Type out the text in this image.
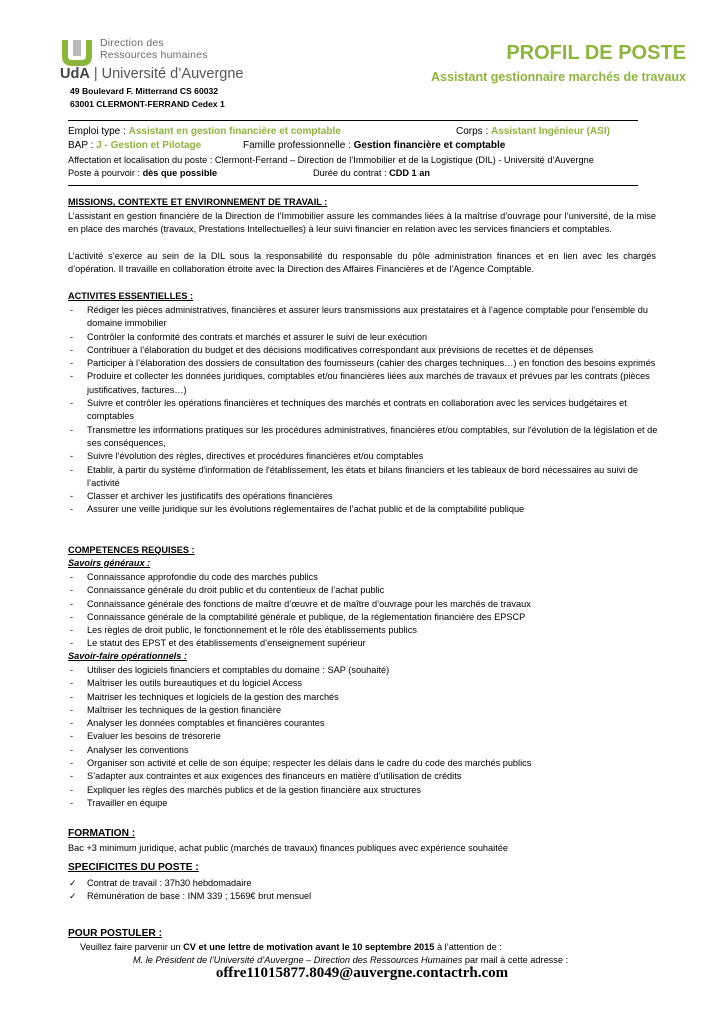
Direction des
Ressources humaines
UdA | Université d’Auvergne
49 Boulevard F. Mitterrand CS 60032
63001 CLERMONT-FERRAND Cedex 1
PROFIL DE POSTE
Assistant gestionnaire marchés de travaux
Emploi type : Assistant en gestion financière et comptable	Corps : Assistant Ingénieur (ASI)
BAP : J - Gestion et Pilotage	Famille professionnelle : Gestion financière et comptable
Affectation et localisation du poste : Clermont-Ferrand – Direction de l’Immobilier et de la Logistique (DIL) - Université d’Auvergne
Poste à pourvoir : dès que possible	Durée du contrat : CDD 1 an
MISSIONS, CONTEXTE ET ENVIRONNEMENT DE TRAVAIL :
L’assistant en gestion financière de la Direction de l’Immobilier assure les commandes liées à la maîtrise d’ouvrage pour l’université, de la mise en place des marchés (travaux, Prestations Intellectuelles) à leur suivi financier en relation avec les services financiers et comptables.
L’activité s’exerce au sein de la DIL sous la responsabilité du responsable du pôle administration finances et en lien avec les chargés d’opération. Il travaille en collaboration étroite avec la Direction des Affaires Financières et de l’Agence Comptable.
ACTIVITES ESSENTIELLES :
- Rédiger les pièces administratives, financières et assurer leurs transmissions aux prestataires et à l’agence comptable pour l'ensemble du domaine immobilier
- Contrôler la conformité des contrats et marchés et assurer le suivi de leur exécution
- Contribuer à l’élaboration du budget et des décisions modificatives correspondant aux prévisions de recettes et de dépenses
- Participer à l’élaboration des dossiers de consultation des fournisseurs (cahier des charges techniques…) en fonction des besoins exprimés
- Produire et collecter les données juridiques, comptables et/ou financières liées aux marchés de travaux et prévues par les contrats (pièces justificatives, factures…)
- Suivre et contrôler les opérations financières et techniques des marchés et contrats en collaboration avec les services budgétaires et comptables
- Transmettre les informations pratiques sur les procédures administratives, financières et/ou comptables, sur l'évolution de la législation et de ses conséquences,
- Suivre l'évolution des règles, directives et procédures financières et/ou comptables
- Etablir, à partir du système d'information de l'établissement, les états et bilans financiers et les tableaux de bord nécessaires au suivi de l’activité
- Classer et archiver les justificatifs des opérations financières
- Assurer une veille juridique sur les évolutions réglementaires de l’achat public et de la comptabilité publique
COMPETENCES REQUISES :
Savoirs généraux :
- Connaissance approfondie du code des marchés publics
- Connaissance générale du droit public et du contentieux de l’achat public
- Connaissance générale des fonctions de maître d’œuvre et de maître d’ouvrage pour les marchés de travaux
- Connaissance générale de la comptabilité générale et publique, de la réglementation financière des EPSCP
- Les règles de droit public, le fonctionnement et le rôle des établissements publics
- Le statut des EPST et des établissements d’enseignement supérieur
Savoir-faire opérationnels :
- Utiliser des logiciels financiers et comptables du domaine : SAP (souhaité)
- Maîtriser les outils bureautiques et du logiciel Access
- Maitriser les techniques et logiciels de la gestion des marchés
- Maîtriser les techniques de la gestion financière
- Analyser les données comptables et financières courantes
- Evaluer les besoins de trésorerie
- Analyser les conventions
- Organiser son activité et celle de son équipe; respecter les délais dans le cadre du code des marchés publics
- S’adapter aux contraintes et aux exigences des financeurs en matière d’utilisation de crédits
- Expliquer les règles des marchés publics et de la gestion financière aux structures
- Travailler en équipe
FORMATION :
Bac +3 minimum juridique, achat public (marchés de travaux) finances publiques avec expérience souhaitée
SPECIFICITES DU POSTE :
✓ Contrat de travail : 37h30 hebdomadaire
✓ Rémunération de base : INM 339 ; 1569€ brut mensuel
POUR POSTULER :
Veuillez faire parvenir un CV et une lettre de motivation avant le 10 septembre 2015 à l’attention de :
M. le Président de l’Université d’Auvergne – Direction des Ressources Humaines par mail à cette adresse :
offre11015877.8049@auvergne.contactrh.com
